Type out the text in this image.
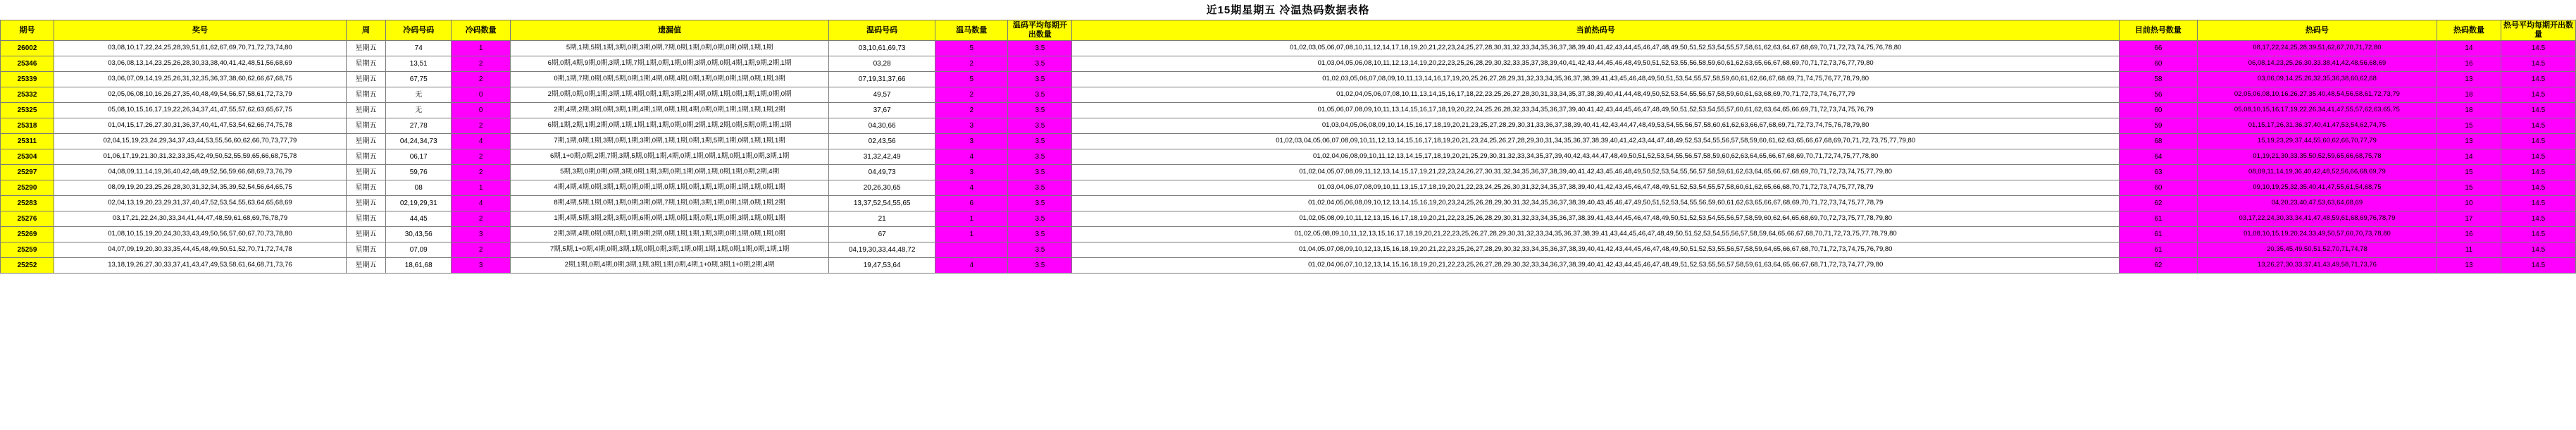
近15期星期五 冷温热码数据表格
期号	奖号	周	冷码号码	冷码数量	遗漏值	温码号码	温马数量	温码平均每期开出数量	当前热码号	目前热号数量	热码号	热码数量	热号平均每期开出数量
26002	03,08,10,17,22,24,25,28,39,51,61,62,67,69,70,71,72,73,74,80	星期五	74	1	5期,1期,5期,1期,3期,0期,3期,0期,7期,0期,1期,0期,0期,0期,0期,1期,1期	03,10,61,69,73	5	3.5	01,02,03,05,06,07,08,10,11,12,14,17,18,19,20,21,22,23,24,25,27,28,30,31,32,33,34,35,36,37,38,39,40,41,42,43,44,45,46,47,48,49,50,51,52,53,54,55,57,58,61,62,63,64,67,68,69,70,71,72,73,74,75,76,78,80	66	08,17,22,24,25,28,39,51,62,67,70,71,72,80	14	14.5
25346	03,06,08,13,14,23,25,26,28,30,33,38,40,41,42,48,51,56,68,69	星期五	13,51	2	6期,0期,4期,9期,0期,3期,1期,7期,1期,0期,1期,0期,3期,0期,0期,4期,1期,9期,2期,1期	03,28	2	3.5	01,03,04,05,06,08,10,11,12,13,14,19,20,22,23,25,26,28,29,30,32,33,35,37,38,39,40,41,42,43,44,45,46,48,49,50,51,52,53,55,56,58,59,60,61,62,63,65,66,67,68,69,70,71,72,73,76,77,79,80	60	06,08,14,23,25,26,30,33,38,41,42,48,56,68,69	16	14.5
25339	03,06,07,09,14,19,25,26,31,32,35,36,37,38,60,62,66,67,68,75	星期五	67,75	2	0期,1期,7期,0期,0期,5期,0期,1期,4期,0期,4期,0期,1期,0期,0期,1期,0期,1期,3期	07,19,31,37,66	5	3.5	01,02,03,05,06,07,08,09,10,11,13,14,16,17,19,20,25,26,27,28,29,31,32,33,34,35,36,37,38,39,41,43,45,46,48,49,50,51,53,54,55,57,58,59,60,61,62,66,67,68,69,71,74,75,76,77,78,79,80	58	03,06,09,14,25,26,32,35,36,38,60,62,68	13	14.5
25332	02,05,06,08,10,16,26,27,35,40,48,49,54,56,57,58,61,72,73,79	星期五	无	0	2期,0期,0期,0期,1期,3期,1期,4期,0期,1期,3期,2期,4期,0期,1期,0期,1期,1期,0期,0期	49,57	2	3.5	01,02,04,05,06,07,08,10,11,13,14,15,16,17,18,22,23,25,26,27,28,30,31,33,34,35,37,38,39,40,41,44,48,49,50,52,53,54,55,56,57,58,59,60,61,63,68,69,70,71,72,73,74,76,77,79	56	02,05,06,08,10,16,26,27,35,40,48,54,56,58,61,72,73,79	18	14.5
25325	05,08,10,15,16,17,19,22,26,34,37,41,47,55,57,62,63,65,67,75	星期五	无	0	2期,4期,2期,3期,0期,3期,1期,4期,1期,0期,1期,4期,0期,0期,1期,1期,1期,1期,2期	37,67	2	3.5	01,05,06,07,08,09,10,11,13,14,15,16,17,18,19,20,22,24,25,26,28,32,33,34,35,36,37,39,40,41,42,43,44,45,46,47,48,49,50,51,52,53,54,55,57,60,61,62,63,64,65,66,69,71,72,73,74,75,76,79	60	05,08,10,15,16,17,19,22,26,34,41,47,55,57,62,63,65,75	18	14.5
25318	01,04,15,17,26,27,30,31,36,37,40,41,47,53,54,62,66,74,75,78	星期五	27,78	2	6期,1期,2期,1期,2期,0期,1期,1期,1期,1期,0期,0期,2期,1期,2期,0期,5期,0期,1期,1期	04,30,66	3	3.5	01,03,04,05,06,08,09,10,14,15,16,17,18,19,20,21,23,25,27,28,29,30,31,33,36,37,38,39,40,41,42,43,44,47,48,49,53,54,55,56,57,58,60,61,62,63,66,67,68,69,71,72,73,74,75,76,78,79,80	59	01,15,17,26,31,36,37,40,41,47,53,54,62,74,75	15	14.5
25311	02,04,15,19,23,24,29,34,37,43,44,53,55,56,60,62,66,70,73,77,79	星期五	04,24,34,73	4	7期,1期,0期,1期,3期,0期,1期,3期,0期,1期,1期,0期,1期,5期,1期,0期,1期,1期,1期	02,43,56	3	3.5	01,02,03,04,05,06,07,08,09,10,11,12,13,14,15,16,17,18,19,20,21,23,24,25,26,27,28,29,30,31,34,35,36,37,38,39,40,41,42,43,44,47,48,49,52,53,54,55,56,57,58,59,60,61,62,63,65,66,67,68,69,70,71,72,73,75,77,79,80	68	15,19,23,29,37,44,55,60,62,66,70,77,79	13	14.5
25304	01,06,17,19,21,30,31,32,33,35,42,49,50,52,55,59,65,66,68,75,78	星期五	06,17	2	6期,1+0期,0期,2期,7期,3期,5期,0期,1期,4期,0期,1期,0期,1期,0期,1期,0期,3期,1期	31,32,42,49	4	3.5	01,02,04,06,08,09,10,11,12,13,14,15,17,18,19,20,21,25,29,30,31,32,33,34,35,37,39,40,42,43,44,47,48,49,50,51,52,53,54,55,56,57,58,59,60,62,63,64,65,66,67,68,69,70,71,72,74,75,77,78,80	64	01,19,21,30,33,35,50,52,59,65,66,68,75,78	14	14.5
25297	04,08,09,11,14,19,36,40,42,48,49,52,56,59,66,68,69,73,76,79	星期五	59,76	2	5期,3期,0期,0期,0期,3期,0期,1期,3期,0期,1期,0期,1期,0期,1期,0期,2期,4期	04,49,73	3	3.5	01,02,04,05,07,08,09,11,12,13,14,15,17,19,21,22,23,24,26,27,30,31,32,34,35,36,37,38,39,40,41,42,43,45,46,48,49,50,52,53,54,55,56,57,58,59,61,62,63,64,65,66,67,68,69,70,71,72,73,74,75,77,79,80	63	08,09,11,14,19,36,40,42,48,52,56,66,68,69,79	15	14.5
25290	08,09,19,20,23,25,26,28,30,31,32,34,35,39,52,54,56,64,65,75	星期五	08	1	4期,4期,4期,0期,3期,1期,0期,0期,1期,0期,1期,0期,1期,1期,0期,1期,1期,0期,1期	20,26,30,65	4	3.5	01,03,04,06,07,08,09,10,11,13,15,17,18,19,20,21,22,23,24,25,26,30,31,32,34,35,37,38,39,40,41,42,43,45,46,47,48,49,51,52,53,54,55,57,58,60,61,62,65,66,68,70,71,72,73,74,75,77,78,79	60	09,10,19,25,32,35,40,41,47,55,61,54,68,75	15	14.5
25283	02,04,13,19,20,23,29,31,37,40,47,52,53,54,55,63,64,65,68,69	星期五	02,19,29,31	4	8期,4期,5期,1期,0期,1期,0期,3期,0期,7期,1期,0期,3期,1期,0期,1期,0期,1期,2期	13,37,52,54,55,65	6	3.5	01,02,04,05,06,08,09,10,12,13,14,15,16,19,20,23,24,25,26,28,29,30,31,32,34,35,36,37,38,39,40,43,45,46,47,49,50,51,52,53,54,55,56,59,60,61,62,63,65,66,67,68,69,70,71,72,73,74,75,77,78,79	62	04,20,23,40,47,53,63,64,68,69	10	14.5
25276	03,17,21,22,24,30,33,34,41,44,47,48,59,61,68,69,76,78,79	星期五	44,45	2	1期,4期,5期,3期,2期,3期,0期,6期,0期,1期,0期,1期,0期,1期,0期,3期,1期,0期,1期	21	1	3.5	01,02,05,08,09,10,11,12,13,15,16,17,18,19,20,21,22,23,25,26,28,29,30,31,32,33,34,35,36,37,38,39,41,43,44,45,46,47,48,49,50,51,52,53,54,55,56,57,58,59,60,62,64,65,68,69,70,72,73,75,77,78,79,80	61	03,17,22,24,30,33,34,41,47,48,59,61,68,69,76,78,79	17	14.5
25269	01,08,10,15,19,20,24,30,33,43,49,50,56,57,60,67,70,73,78,80	星期五	30,43,56	3	2期,3期,4期,0期,0期,0期,1期,9期,2期,0期,1期,1期,1期,3期,0期,1期,0期,1期,0期	67	1	3.5	01,02,05,08,09,10,11,12,13,15,16,17,18,19,20,21,22,23,25,26,27,28,29,30,31,32,33,34,35,36,37,38,39,41,43,44,45,46,47,48,49,50,51,52,53,54,55,56,57,58,59,64,65,66,67,68,70,71,72,73,75,77,78,79,80	61	01,08,10,15,19,20,24,33,49,50,57,60,70,73,78,80	16	14.5
25259	04,07,09,19,20,30,33,35,44,45,48,49,50,51,52,70,71,72,74,78	星期五	07,09	2	7期,5期,1+0期,4期,0期,3期,1期,0期,0期,3期,1期,0期,1期,1期,0期,1期,0期,1期,1期	04,19,30,33,44,48,72		3.5	01,04,05,07,08,09,10,12,13,15,16,18,19,20,21,22,23,25,26,27,28,29,30,32,33,34,35,36,37,38,39,40,41,42,43,44,45,46,47,48,49,50,51,52,53,55,56,57,58,59,64,65,66,67,68,70,71,72,73,74,75,76,79,80	61	20,35,45,49,50,51,52,70,71,74,78	11	14.5
25252	13,18,19,26,27,30,33,37,41,43,47,49,53,58,61,64,68,71,73,76	星期五	18,61,68	3	2期,1期,0期,4期,0期,3期,1期,3期,1期,0期,4期,1+0期,3期,1+0期,2期,4期	19,47,53,64	4	3.5	01,02,04,06,07,10,12,13,14,15,16,18,19,20,21,22,23,25,26,27,28,29,30,32,33,34,36,37,38,39,40,41,42,43,44,45,46,47,48,49,51,52,53,55,56,57,58,59,61,63,64,65,66,67,68,71,72,73,74,77,79,80	62	13,26,27,30,33,37,41,43,49,58,71,73,76	13	14.5
